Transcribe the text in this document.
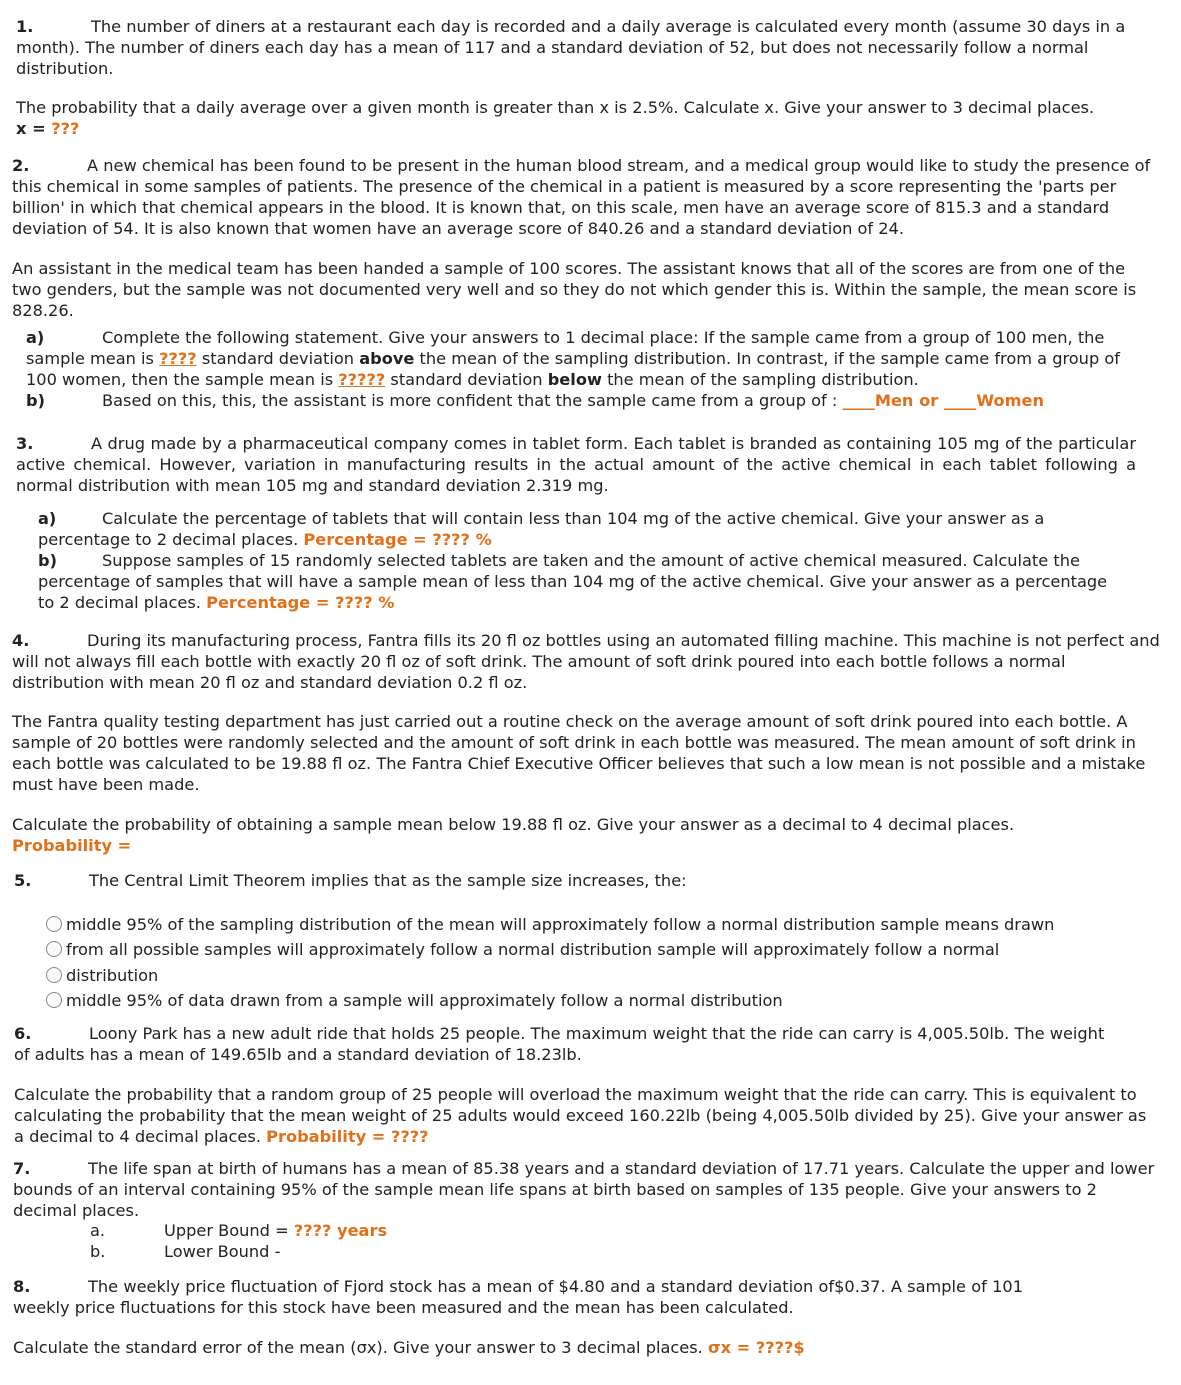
1.	The number of diners at a restaurant each day is recorded and a daily average is calculated every month (assume 30 days in a month). The number of diners each day has a mean of 117 and a standard deviation of 52, but does not necessarily follow a normal distribution.
The probability that a daily average over a given month is greater than x is 2.5%. Calculate x. Give your answer to 3 decimal places. x = ???
2.	A new chemical has been found to be present in the human blood stream, and a medical group would like to study the presence of this chemical in some samples of patients. The presence of the chemical in a patient is measured by a score representing the 'parts per billion' in which that chemical appears in the blood. It is known that, on this scale, men have an average score of 815.3 and a standard deviation of 54. It is also known that women have an average score of 840.26 and a standard deviation of 24.
An assistant in the medical team has been handed a sample of 100 scores. The assistant knows that all of the scores are from one of the two genders, but the sample was not documented very well and so they do not which gender this is. Within the sample, the mean score is 828.26.
a)	Complete the following statement. Give your answers to 1 decimal place: If the sample came from a group of 100 men, the sample mean is ???? standard deviation above the mean of the sampling distribution. In contrast, if the sample came from a group of 100 women, then the sample mean is ????? standard deviation below the mean of the sampling distribution.
b)	Based on this, this, the assistant is more confident that the sample came from a group of : ____Men or ____Women
3.	A drug made by a pharmaceutical company comes in tablet form. Each tablet is branded as containing 105 mg of the particular active chemical. However, variation in manufacturing results in the actual amount of the active chemical in each tablet following a normal distribution with mean 105 mg and standard deviation 2.319 mg.
a)	Calculate the percentage of tablets that will contain less than 104 mg of the active chemical. Give your answer as a percentage to 2 decimal places. Percentage = ???? %
b)	Suppose samples of 15 randomly selected tablets are taken and the amount of active chemical measured. Calculate the percentage of samples that will have a sample mean of less than 104 mg of the active chemical. Give your answer as a percentage to 2 decimal places. Percentage = ???? %
4.	During its manufacturing process, Fantra fills its 20 fl oz bottles using an automated filling machine. This machine is not perfect and will not always fill each bottle with exactly 20 fl oz of soft drink. The amount of soft drink poured into each bottle follows a normal distribution with mean 20 fl oz and standard deviation 0.2 fl oz.
The Fantra quality testing department has just carried out a routine check on the average amount of soft drink poured into each bottle. A sample of 20 bottles were randomly selected and the amount of soft drink in each bottle was measured. The mean amount of soft drink in each bottle was calculated to be 19.88 fl oz. The Fantra Chief Executive Officer believes that such a low mean is not possible and a mistake must have been made.
Calculate the probability of obtaining a sample mean below 19.88 fl oz. Give your answer as a decimal to 4 decimal places.
Probability =
5.	The Central Limit Theorem implies that as the sample size increases, the:
middle 95% of the sampling distribution of the mean will approximately follow a normal distribution sample means drawn
from all possible samples will approximately follow a normal distribution sample will approximately follow a normal
distribution
middle 95% of data drawn from a sample will approximately follow a normal distribution
6.	Loony Park has a new adult ride that holds 25 people. The maximum weight that the ride can carry is 4,005.50lb. The weight of adults has a mean of 149.65lb and a standard deviation of 18.23lb.
Calculate the probability that a random group of 25 people will overload the maximum weight that the ride can carry. This is equivalent to calculating the probability that the mean weight of 25 adults would exceed 160.22lb (being 4,005.50lb divided by 25). Give your answer as a decimal to 4 decimal places. Probability = ????
7.	The life span at birth of humans has a mean of 85.38 years and a standard deviation of 17.71 years. Calculate the upper and lower bounds of an interval containing 95% of the sample mean life spans at birth based on samples of 135 people. Give your answers to 2 decimal places.
a.	Upper Bound = ???? years
b.	Lower Bound -
8.	The weekly price fluctuation of Fjord stock has a mean of $4.80 and a standard deviation of$0.37. A sample of 101 weekly price fluctuations for this stock have been measured and the mean has been calculated.
Calculate the standard error of the mean (σx). Give your answer to 3 decimal places. σx = ????$
